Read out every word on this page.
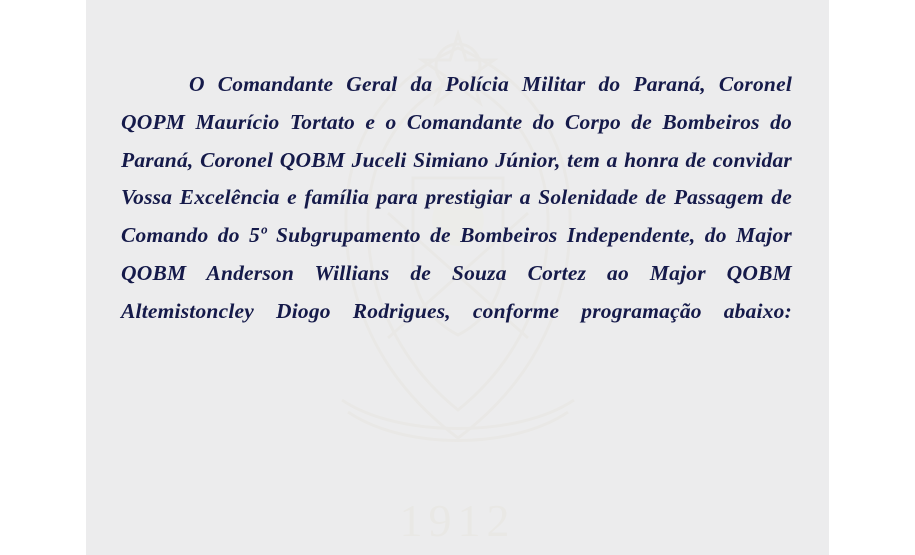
1912

O Comandante Geral da Polícia Militar do Paraná, Coronel QOPM Maurício Tortato e o Comandante do Corpo de Bombeiros do Paraná, Coronel QOBM Juceli Simiano Júnior, tem a honra de convidar Vossa Excelência e família para prestigiar a Solenidade de Passagem de Comando do 5º Subgrupamento de Bombeiros Independente, do Major QOBM Anderson Willians de Souza Cortez ao Major QOBM Altemistoncley Diogo Rodrigues, conforme programação abaixo:
